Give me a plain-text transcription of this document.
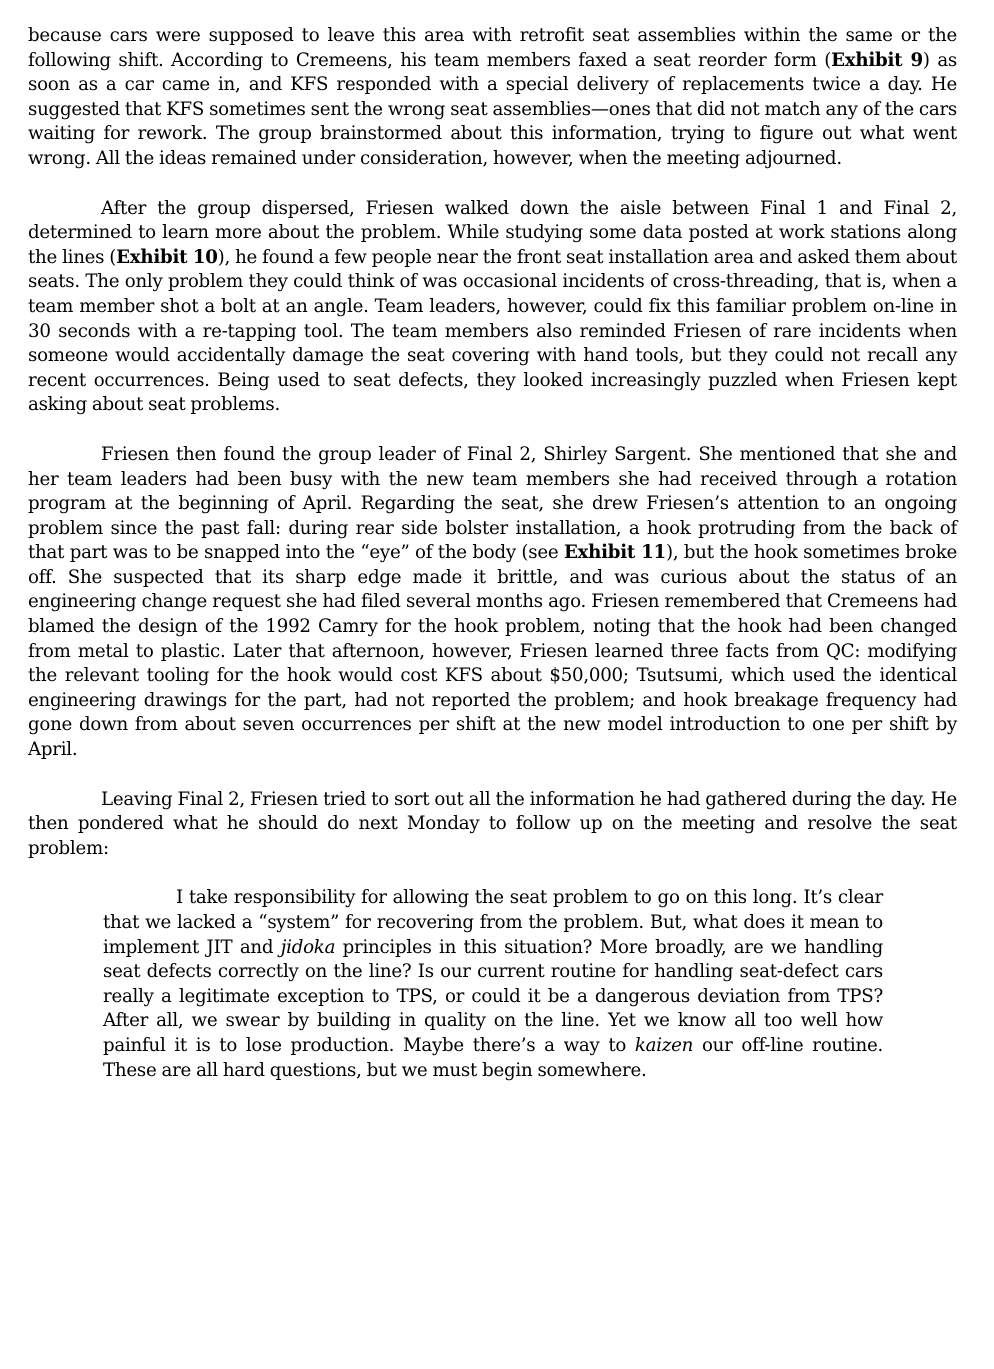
because cars were supposed to leave this area with retrofit seat assemblies within the same or the following shift. According to Cremeens, his team members faxed a seat reorder form (Exhibit 9) as soon as a car came in, and KFS responded with a special delivery of replacements twice a day. He suggested that KFS sometimes sent the wrong seat assemblies—ones that did not match any of the cars waiting for rework. The group brainstormed about this information, trying to figure out what went wrong. All the ideas remained under consideration, however, when the meeting adjourned.

After the group dispersed, Friesen walked down the aisle between Final 1 and Final 2, determined to learn more about the problem. While studying some data posted at work stations along the lines (Exhibit 10), he found a few people near the front seat installation area and asked them about seats. The only problem they could think of was occasional incidents of cross-threading, that is, when a team member shot a bolt at an angle. Team leaders, however, could fix this familiar problem on-line in 30 seconds with a re-tapping tool. The team members also reminded Friesen of rare incidents when someone would accidentally damage the seat covering with hand tools, but they could not recall any recent occurrences. Being used to seat defects, they looked increasingly puzzled when Friesen kept asking about seat problems.

Friesen then found the group leader of Final 2, Shirley Sargent. She mentioned that she and her team leaders had been busy with the new team members she had received through a rotation program at the beginning of April. Regarding the seat, she drew Friesen’s attention to an ongoing problem since the past fall: during rear side bolster installation, a hook protruding from the back of that part was to be snapped into the “eye” of the body (see Exhibit 11), but the hook sometimes broke off. She suspected that its sharp edge made it brittle, and was curious about the status of an engineering change request she had filed several months ago. Friesen remembered that Cremeens had blamed the design of the 1992 Camry for the hook problem, noting that the hook had been changed from metal to plastic. Later that afternoon, however, Friesen learned three facts from QC: modifying the relevant tooling for the hook would cost KFS about $50,000; Tsutsumi, which used the identical engineering drawings for the part, had not reported the problem; and hook breakage frequency had gone down from about seven occurrences per shift at the new model introduction to one per shift by April.

Leaving Final 2, Friesen tried to sort out all the information he had gathered during the day. He then pondered what he should do next Monday to follow up on the meeting and resolve the seat problem:

I take responsibility for allowing the seat problem to go on this long. It’s clear that we lacked a “system” for recovering from the problem. But, what does it mean to implement JIT and jidoka principles in this situation? More broadly, are we handling seat defects correctly on the line? Is our current routine for handling seat-defect cars really a legitimate exception to TPS, or could it be a dangerous deviation from TPS? After all, we swear by building in quality on the line. Yet we know all too well how painful it is to lose production. Maybe there’s a way to kaizen our off-line routine. These are all hard questions, but we must begin somewhere.
